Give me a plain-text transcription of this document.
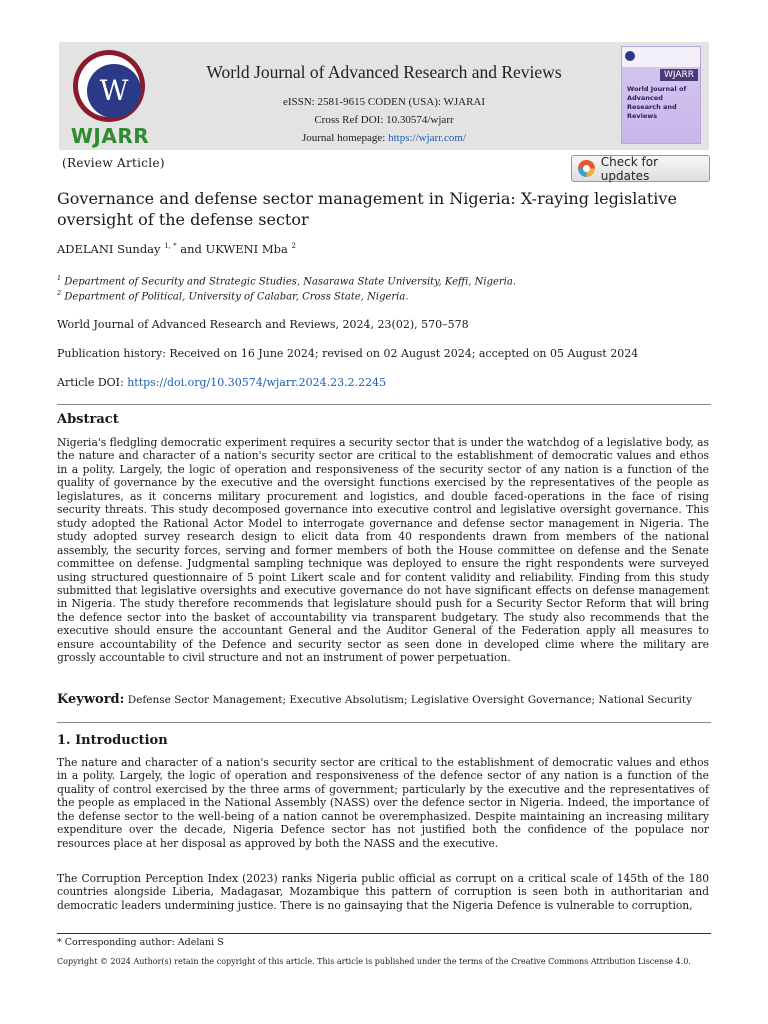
W
WJARR
World Journal of Advanced Research and Reviews
eISSN: 2581-9615 CODEN (USA): WJARAI
Cross Ref DOI: 10.30574/wjarr
Journal homepage: https://wjarr.com/
WJARR
World Journal of
Advanced
Research and
Reviews
(Review Article)	Check for updates
Governance and defense sector management in Nigeria: X-raying legislative oversight of the defense sector
ADELANI Sunday $^{1, *}$ and UKWENI Mba $^2$
$^1$ Department of Security and Strategic Studies, Nasarawa State University, Keffi, Nigeria.
$^2$ Department of Political, University of Calabar, Cross State, Nigeria.
World Journal of Advanced Research and Reviews, 2024, 23(02), 570–578
Publication history: Received on 16 June 2024; revised on 02 August 2024; accepted on 05 August 2024
Article DOI: https://doi.org/10.30574/wjarr.2024.23.2.2245
Abstract
Nigeria's fledgling democratic experiment requires a security sector that is under the watchdog of a legislative body, as the nature and character of a nation's security sector are critical to the establishment of democratic values and ethos in a polity. Largely, the logic of operation and responsiveness of the security sector of any nation is a function of the quality of governance by the executive and the oversight functions exercised by the representatives of the people as legislatures, as it concerns military procurement and logistics, and double faced-operations in the face of rising security threats. This study decomposed governance into executive control and legislative oversight governance. This study adopted the Rational Actor Model to interrogate governance and defense sector management in Nigeria. The study adopted survey research design to elicit data from 40 respondents drawn from members of the national assembly, the security forces, serving and former members of both the House committee on defense and the Senate committee on defense. Judgmental sampling technique was deployed to ensure the right respondents were surveyed using structured questionnaire of 5 point Likert scale and for content validity and reliability. Finding from this study submitted that legislative oversights and executive governance do not have significant effects on defense management in Nigeria. The study therefore recommends that legislature should push for a Security Sector Reform that will bring the defence sector into the basket of accountability via transparent budgetary. The study also recommends that the executive should ensure the accountant General and the Auditor General of the Federation apply all measures to ensure accountability of the Defence and security sector as seen done in developed clime where the military are grossly accountable to civil structure and not an instrument of power perpetuation.
Keyword: Defense Sector Management; Executive Absolutism; Legislative Oversight Governance; National Security
1. Introduction
The nature and character of a nation's security sector are critical to the establishment of democratic values and ethos in a polity. Largely, the logic of operation and responsiveness of the defence sector of any nation is a function of the quality of control exercised by the three arms of government; particularly by the executive and the representatives of the people as emplaced in the National Assembly (NASS) over the defence sector in Nigeria. Indeed, the importance of the defense sector to the well-being of a nation cannot be overemphasized. Despite maintaining an increasing military expenditure over the decade, Nigeria Defence sector has not justified both the confidence of the populace nor resources place at her disposal as approved by both the NASS and the executive.
The Corruption Perception Index (2023) ranks Nigeria public official as corrupt on a critical scale of 145th of the 180 countries alongside Liberia, Madagasar, Mozambique this pattern of corruption is seen both in authoritarian and democratic leaders undermining justice. There is no gainsaying that the Nigeria Defence is vulnerable to corruption,
* Corresponding author: Adelani S
Copyright © 2024 Author(s) retain the copyright of this article. This article is published under the terms of the Creative Commons Attribution Liscense 4.0.
